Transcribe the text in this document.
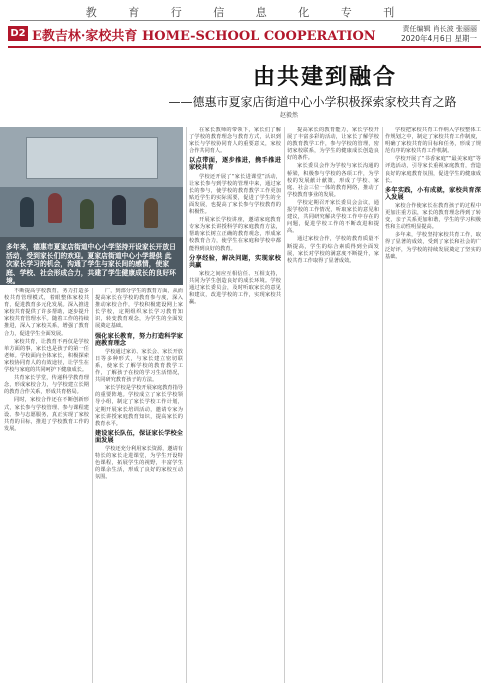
教 育 行 信 息 化 专 刊
D2 E教吉林·家校共育 HOME-SCHOOL COOPERATION	责任编辑 肖长波 张丽丽
2020年4月6日 星期一
由共建到融合
——德惠市夏家店街道中心小学积极探索家校共育之路
赵毅然
多年来，德惠市夏家店街道中心小学坚持开设家长开放日活动，受到家长们的欢迎。夏家店街道中心小学提供 此次家长学习的机会，沟通了学生与家长间的感情，使家庭、学校、社会形成合力，共建了学生健康成长的良好环境。

不断提高学校教育，务力打造多校共育管理模式，着眼整体家校共育，促进教育多元化发展。深入推进家校共育提供了许多帮助，逐步提升家校共育管理水平。随着工作的持续推进，深入了家校关系，增强了教育合力，促进学生全面发展。

家校共育，让教育不再仅是学校单方面的事，家长也是孩子的第一任老师。学校面向全体家长，积极探索家校协同育人的有效途径，让学生在学校与家庭的共同呵护下健康成长。

共育家长学堂，传递科学教育理念，形成家校合力，与学校建立长期的教育合作关系，形成共育格局。

同时，家校合作还在不断创新形式，家长参与学校管理、参与课程建设、参与志愿服务，真正实现了家校共育的目标，推进了学校教育工作的发展。

广，到部分学生的教育方面，从而提高家长在学校的教育参与度，深入推动家校合作，学校积极建设网上家长学校，定期组织家长学习教育知识，转变教育观念，为学生的全面发展奠定基础。

强化家长教育，努力打造科学家庭教育理念

学校通过家访、家长会、家长开放日等多种形式，与家长建立密切联系，使家长了解学校的教育教学工作，了解孩子在校的学习生活情况，共同研究教育孩子的方法。

家长学校是学校开展家庭教育指导的重要阵地。学校成立了家长学校领导小组，制定了家长学校工作计划，定期开展家长培训活动，邀请专家为家长讲授家庭教育知识，提高家长的教育水平。

建设家长队伍，保证家长学校全面发展

学校还充分利用家长资源，邀请有特长的家长走进课堂，为学生开设特色课程，拓展学生的视野，丰富学生的课余生活，形成了良好的家校互动氛围。

在家长教师的带领下，家长们了解了学校的教育理念与教育方式，认识到家长与学校协同育人的重要意义，家校合作共同育人。

以点带面，逐步推进，携手推进家校共育

学校还开展了“家长进课堂”活动，让家长参与到学校的管理中来，通过家长的参与，使学校的教育教学工作更加贴近学生的实际需要，促进了学生的全面发展，也提高了家长参与学校教育的积极性。

开展家长学校讲座，邀请家庭教育专家为家长讲授科学的家庭教育方法，帮助家长树立正确的教育观念，形成家校教育合力，使学生在家庭和学校中都能得到良好的教育。

分享经验，解决问题，实现家校共赢

家校之间应互相信任、互相支持，共同为学生创造良好的成长环境。学校通过家长委员会，及时听取家长的意见和建议，改进学校的工作，实现家校共赢。

提高家长的教育能力，家长学校开展了丰富多彩的活动，让家长了解学校的教育教学工作，参与学校的管理，密切家校联系，为学生的健康成长创造良好的条件。

家长委员会作为学校与家长沟通的桥梁，积极参与学校的各项工作，为学校的发展献计献策，形成了学校、家庭、社会三位一体的教育网络，推动了学校教育事业的发展。

学校定期召开家长委员会会议，通报学校的工作情况，听取家长的意见和建议，共同研究解决学校工作中存在的问题，促进学校工作的不断改进和提高。

通过家校合作，学校的教育质量不断提高，学生的综合素质得到全面发展，家长对学校的满意度不断提升，家校共育工作取得了显著成效。

学校把家校共育工作纳入学校整体工作规划之中，制定了家校共育工作制度，明确了家校共育的目标和任务，形成了规范有序的家校共育工作机制。

学校开展了“书香家庭”“最美家庭”等评选活动，引导家长重视家庭教育，营造良好的家庭教育氛围，促进学生的健康成长。

多年实践，小有成就，家校共育深入发展

家校合作使家长在教育孩子的过程中更加注重方法，家长的教育理念得到了转变，亲子关系更加和谐，学生的学习积极性和主动性明显提高。

多年来，学校坚持家校共育工作，取得了显著的成效，受到了家长和社会的广泛好评，为学校的持续发展奠定了坚实的基础。
